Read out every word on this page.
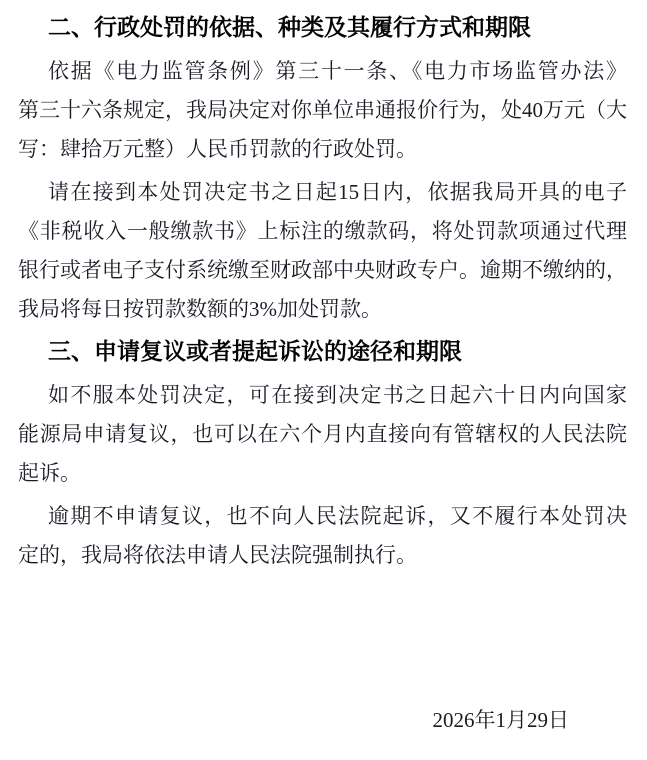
二、行政处罚的依据、种类及其履行方式和期限

依据《电力监管条例》第三十一条、《电力市场监管办法》
第三十六条规定，我局决定对你单位串通报价行为，处40万元（大
写：肆拾万元整）人民币罚款的行政处罚。

请在接到本处罚决定书之日起15日内，依据我局开具的电子
《非税收入一般缴款书》上标注的缴款码，将处罚款项通过代理
银行或者电子支付系统缴至财政部中央财政专户。逾期不缴纳的，
我局将每日按罚款数额的3%加处罚款。

三、申请复议或者提起诉讼的途径和期限

如不服本处罚决定，可在接到决定书之日起六十日内向国家
能源局申请复议，也可以在六个月内直接向有管辖权的人民法院
起诉。

逾期不申请复议，也不向人民法院起诉，又不履行本处罚决
定的，我局将依法申请人民法院强制执行。

2026年1月29日
